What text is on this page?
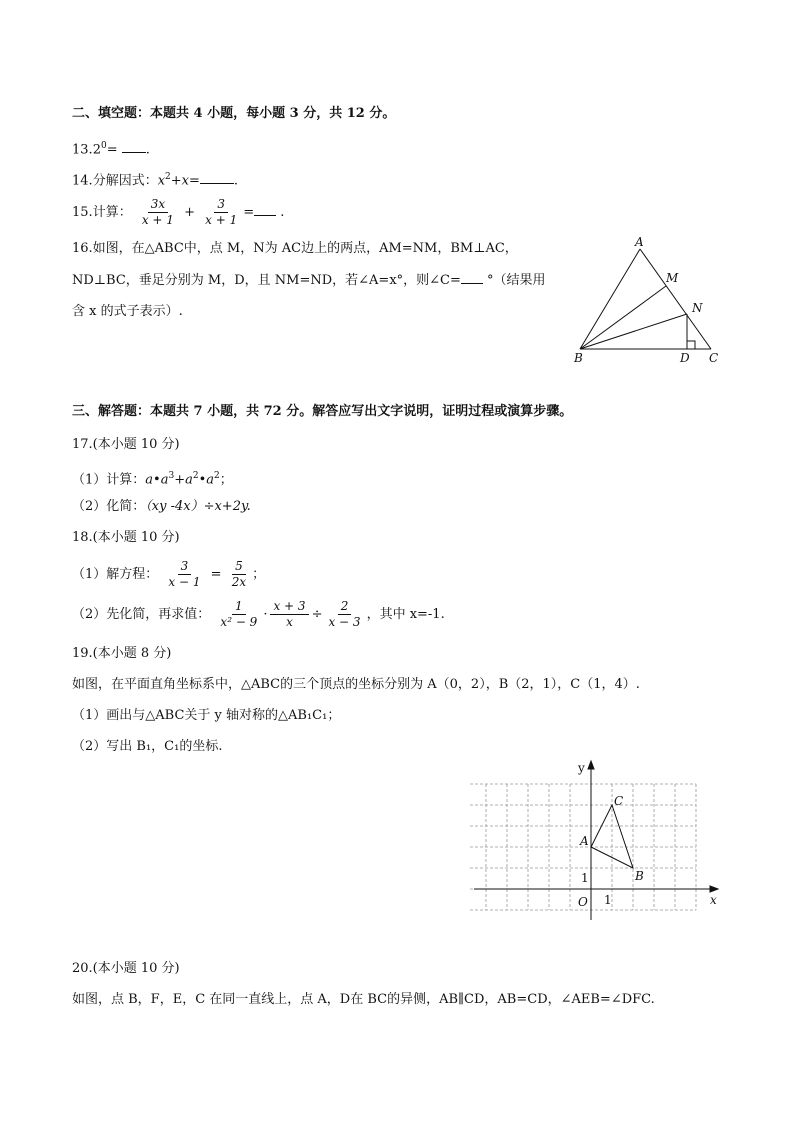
二、填空题：本题共 4 小题，每小题 3 分，共 12 分。
$13.2^0=$ .
14.分解因式：$x^2+x=$	.
15.计算： $\frac{3x}{x + 1} + \frac{3}{x + 1}$ = .
16.如图，在△ABC中，点 M，N为 AC边上的两点，AM=NM，BM⊥AC，
ND⊥BC，垂足分别为 M，D，且 NM=ND，若∠A=x°，则∠C= °（结果用
含 x 的式子表示）.
A
M
N
B	D C
三、解答题：本题共 7 小题，共 72 分。解答应写出文字说明，证明过程或演算步骤。
17.(本小题 10 分)
（1）计算：$a•a^3+a^2•a^2$；
（2）化简：（xy -4x）÷x+2y.
18.(本小题 10 分)
（1）解方程： $\frac{3}{x - 1} = \frac{5}{2x}$ ；
（2）先化简，再求值： $\frac{1}{\text{x² − 9}} \cdot \frac{x + 3}{x} \div \frac{2}{x - 3}$ ，其中 x=-1.
19.(本小题 8 分)
如图，在平面直角坐标系中，△ABC的三个顶点的坐标分别为 A（0，2），B（2，1），C（1，4）.
（1）画出与△ABC关于 y 轴对称的△AB₁C₁；
（2）写出 B₁，C₁的坐标.
y
x
O 1
1
A
B
C
20.(本小题 10 分)
如图，点 B，F，E，C 在同一直线上，点 A，D在 BC的异侧，AB∥CD，AB=CD，∠AEB=∠DFC.
